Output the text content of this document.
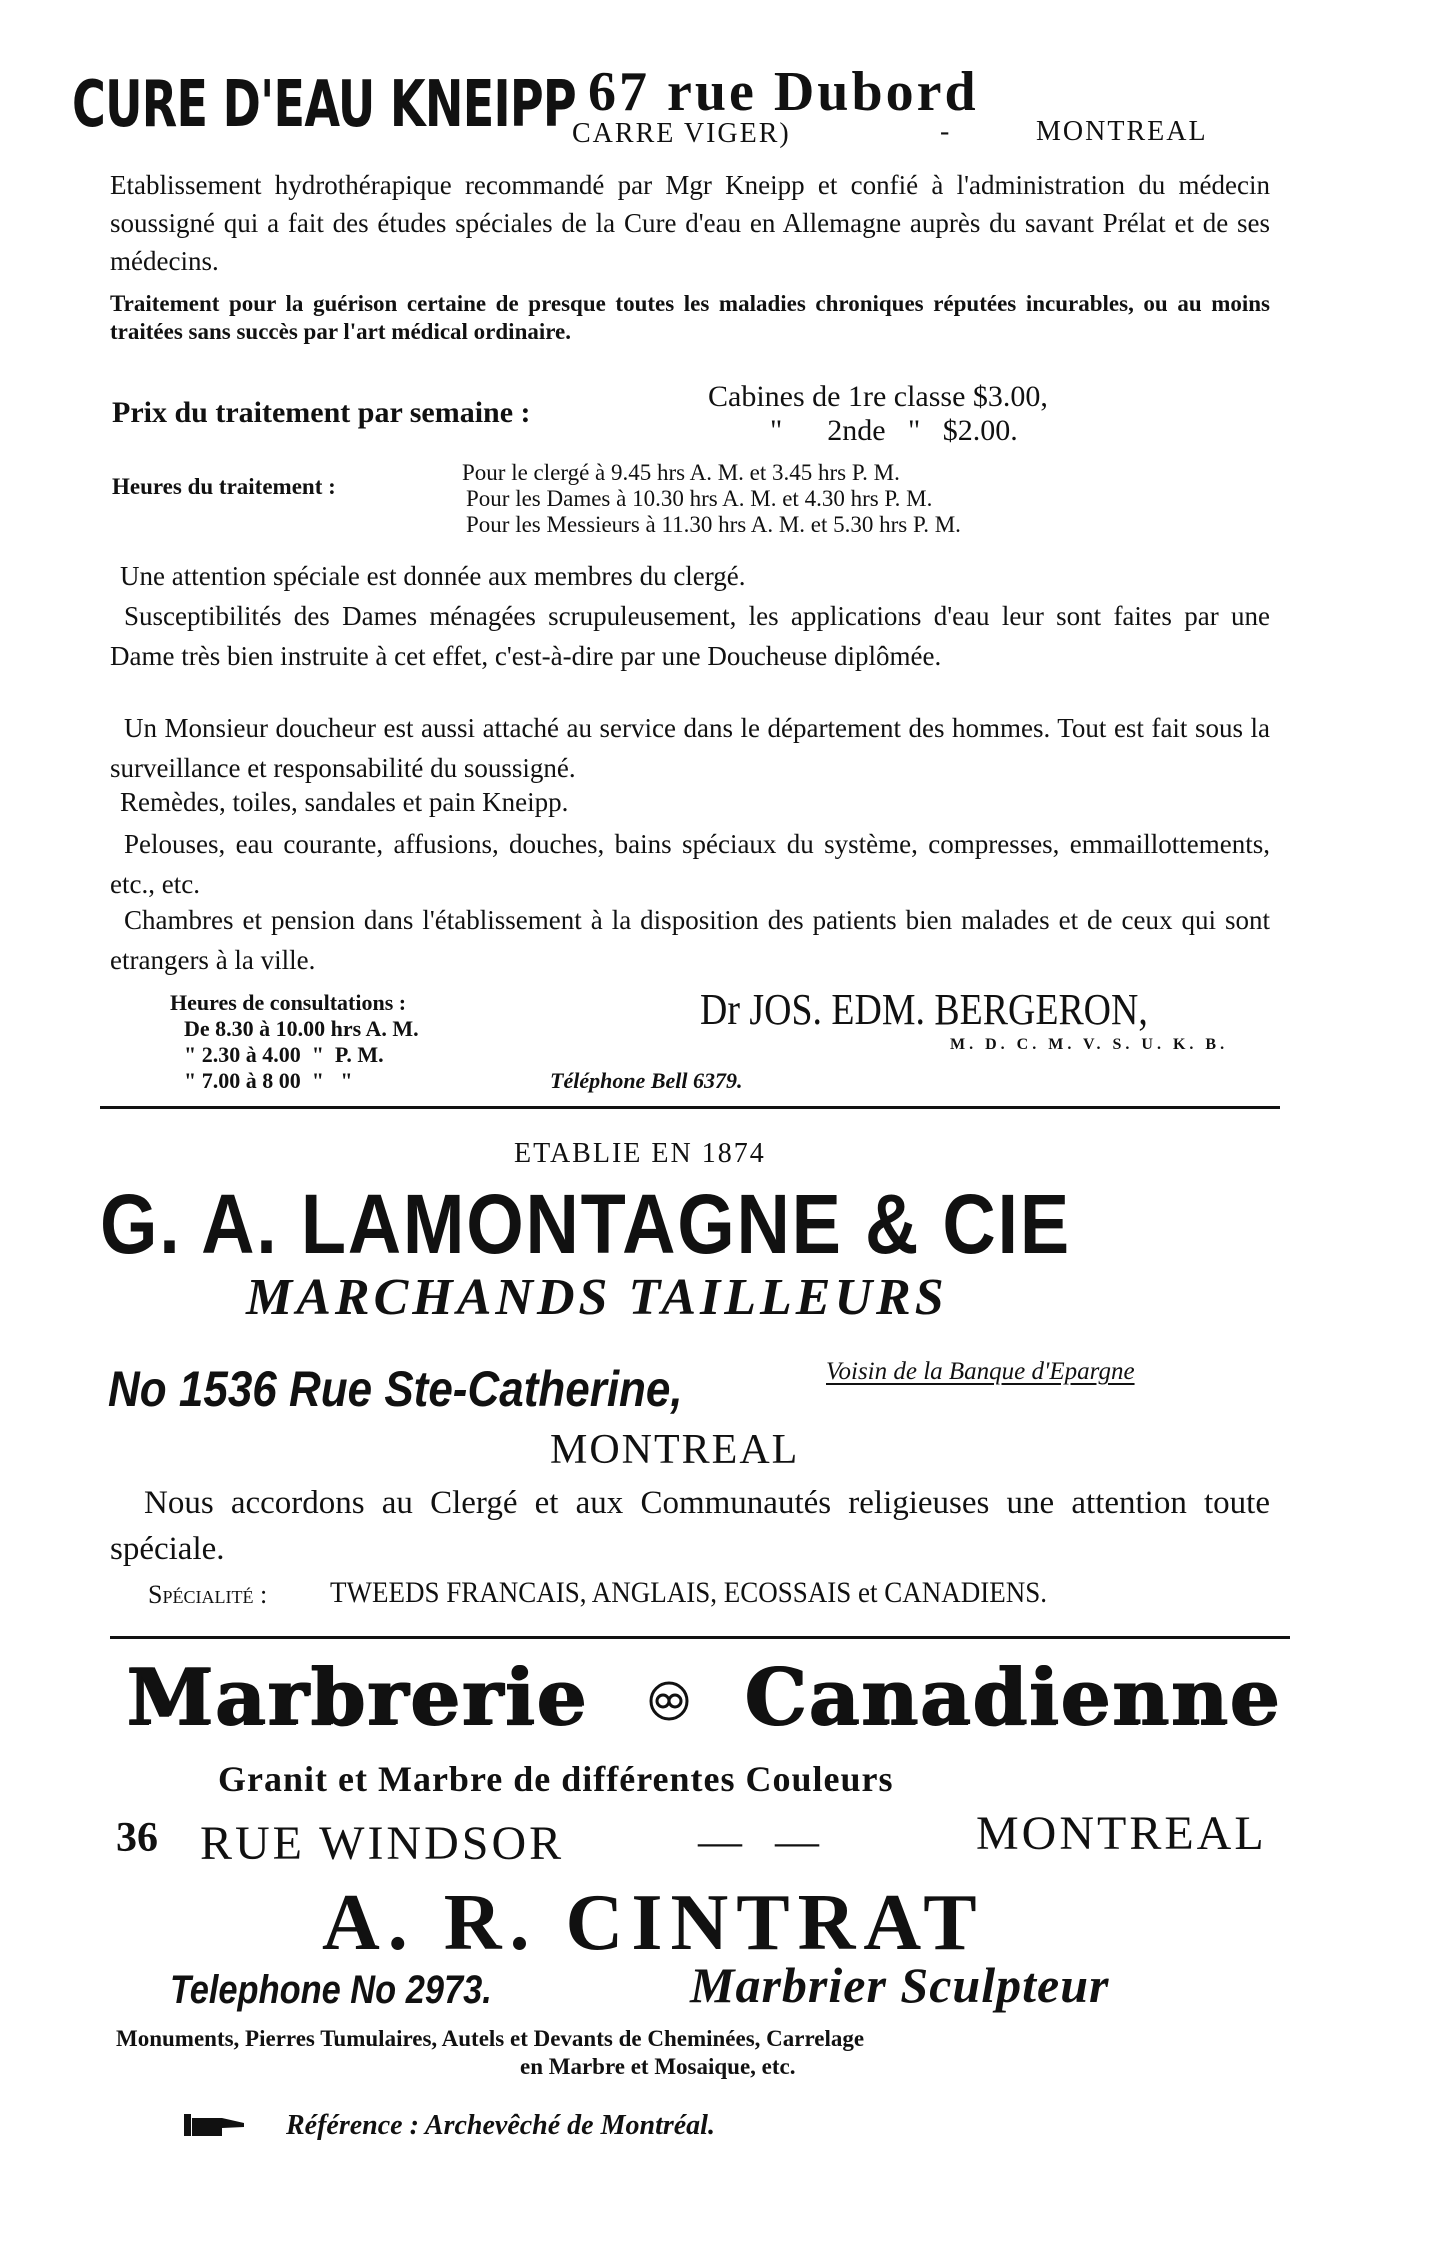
CURE D'EAU KNEIPP 67 rue Dubord
CARRE VIGER)	-	MONTREAL
Etablissement hydrothérapique recommandé par Mgr Kneipp et confié à l'administration du médecin soussigné qui a fait des études spéciales de la Cure d'eau en Allemagne auprès du savant Prélat et de ses médecins.
Traitement pour la guérison certaine de presque toutes les maladies chroniques réputées incurables, ou au moins traitées sans succès par l'art médical ordinaire.
Prix du traitement par semaine :	Cabines de 1re classe $3.00,
"      2nde   "   $2.00.
Heures du traitement :
Pour le clergé à 9.45 hrs A. M. et 3.45 hrs P. M.
Pour les Dames à 10.30 hrs A. M. et 4.30 hrs P. M.
Pour les Messieurs à 11.30 hrs A. M. et 5.30 hrs P. M.
Une attention spéciale est donnée aux membres du clergé.
Susceptibilités des Dames ménagées scrupuleusement, les applications d'eau leur sont faites par une Dame très bien instruite à cet effet, c'est-à-dire par une Doucheuse diplômée.
Un Monsieur doucheur est aussi attaché au service dans le département des hommes. Tout est fait sous la surveillance et responsabilité du soussigné.
Remèdes, toiles, sandales et pain Kneipp.
Pelouses, eau courante, affusions, douches, bains spéciaux du système, compresses, emmaillottements, etc., etc.
Chambres et pension dans l'établissement à la disposition des patients bien malades et de ceux qui sont etrangers à la ville.
Heures de consultations :
De 8.30 à 10.00 hrs A. M.
" 2.30 à 4.00  "  P. M.
" 7.00 à 8 00  "   "
Dr JOS. EDM. BERGERON,
M. D. C. M. V. S. U. K. B.
Téléphone Bell 6379.
ETABLIE EN 1874
G. A. LAMONTAGNE & CIE
MARCHANDS TAILLEURS
No 1536 Rue Ste-Catherine,	Voisin de la Banque d'Epargne
MONTREAL
Nous accordons au Clergé et aux Communautés religieuses une attention toute spéciale.
Spécialité : TWEEDS FRANCAIS, ANGLAIS, ECOSSAIS et CANADIENS.
Marbrerie Canadienne
Granit et Marbre de différentes Couleurs
36 RUE WINDSOR	—   —	MONTREAL
A. R. CINTRAT
Telephone No 2973.	Marbrier Sculpteur
Monuments, Pierres Tumulaires, Autels et Devants de Cheminées, Carrelage
en Marbre et Mosaique, etc.
Référence : Archevêché de Montréal.
